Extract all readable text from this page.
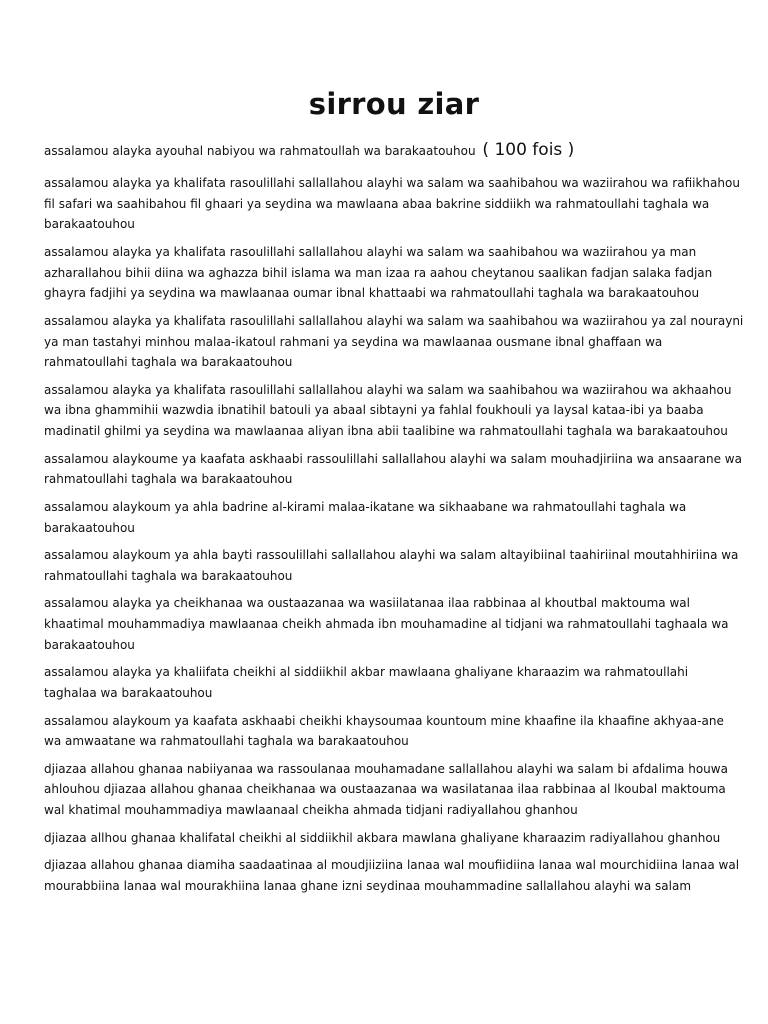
sirrou ziar

assalamou alayka ayouhal nabiyou wa rahmatoullah wa barakaatouhou ( 100 fois )

assalamou alayka ya khalifata rasoulillahi sallallahou alayhi wa salam wa saahibahou wa waziirahou wa rafiikhahou fil safari wa saahibahou fil ghaari ya seydina wa mawlaana abaa bakrine siddiikh wa rahmatoullahi taghala wa barakaatouhou

assalamou alayka ya khalifata rasoulillahi sallallahou alayhi wa salam wa saahibahou wa waziirahou ya man azharallahou bihii diina wa aghazza bihil islama wa man izaa ra aahou cheytanou saalikan fadjan salaka fadjan ghayra fadjihi ya seydina wa mawlaanaa oumar ibnal khattaabi wa rahmatoullahi taghala wa barakaatouhou

assalamou alayka ya khalifata rasoulillahi sallallahou alayhi wa salam wa saahibahou wa waziirahou ya zal nourayni ya man tastahyi minhou malaa-ikatoul rahmani ya seydina wa mawlaanaa ousmane ibnal ghaffaan wa rahmatoullahi taghala wa barakaatouhou

assalamou alayka ya khalifata rasoulillahi sallallahou alayhi wa salam wa saahibahou wa waziirahou wa akhaahou wa ibna ghammihii wazwdia ibnatihil batouli ya abaal sibtayni ya fahlal foukhouli ya laysal kataa-ibi ya baaba madinatil ghilmi ya seydina wa mawlaanaa aliyan ibna abii taalibine wa rahmatoullahi taghala wa barakaatouhou

assalamou alaykoume ya kaafata askhaabi rassoulillahi sallallahou alayhi wa salam mouhadjiriina wa ansaarane wa rahmatoullahi taghala wa barakaatouhou

assalamou alaykoum ya ahla badrine al-kirami malaa-ikatane wa sikhaabane wa rahmatoullahi taghala wa barakaatouhou

assalamou alaykoum ya ahla bayti rassoulillahi sallallahou alayhi wa salam altayibiinal taahiriinal moutahhiriina wa rahmatoullahi taghala wa barakaatouhou

assalamou alayka ya cheikhanaa wa oustaazanaa wa wasiilatanaa ilaa rabbinaa al khoutbal maktouma wal khaatimal mouhammadiya mawlaanaa cheikh ahmada ibn mouhamadine al tidjani wa rahmatoullahi taghaala wa barakaatouhou

assalamou alayka ya khaliifata cheikhi al siddiikhil akbar mawlaana ghaliyane kharaazim wa rahmatoullahi taghalaa wa barakaatouhou

assalamou alaykoum ya kaafata askhaabi cheikhi khaysoumaa kountoum mine khaafine ila khaafine akhyaa-ane wa amwaatane wa rahmatoullahi taghala wa barakaatouhou

djiazaa allahou ghanaa nabiiyanaa wa rassoulanaa mouhamadane sallallahou alayhi wa salam bi afdalima houwa ahlouhou djiazaa allahou ghanaa cheikhanaa wa oustaazanaa wa wasilatanaa ilaa rabbinaa al lkoubal maktouma wal khatimal mouhammadiya mawlaanaal cheikha ahmada tidjani radiyallahou ghanhou

djiazaa allhou ghanaa khalifatal cheikhi al siddiikhil akbara mawlana ghaliyane kharaazim radiyallahou ghanhou

djiazaa allahou ghanaa diamiha saadaatinaa al moudjiiziina lanaa wal moufiidiina lanaa wal mourchidiina lanaa wal mourabbiina lanaa wal mourakhiina lanaa ghane izni seydinaa mouhammadine sallallahou alayhi wa salam
